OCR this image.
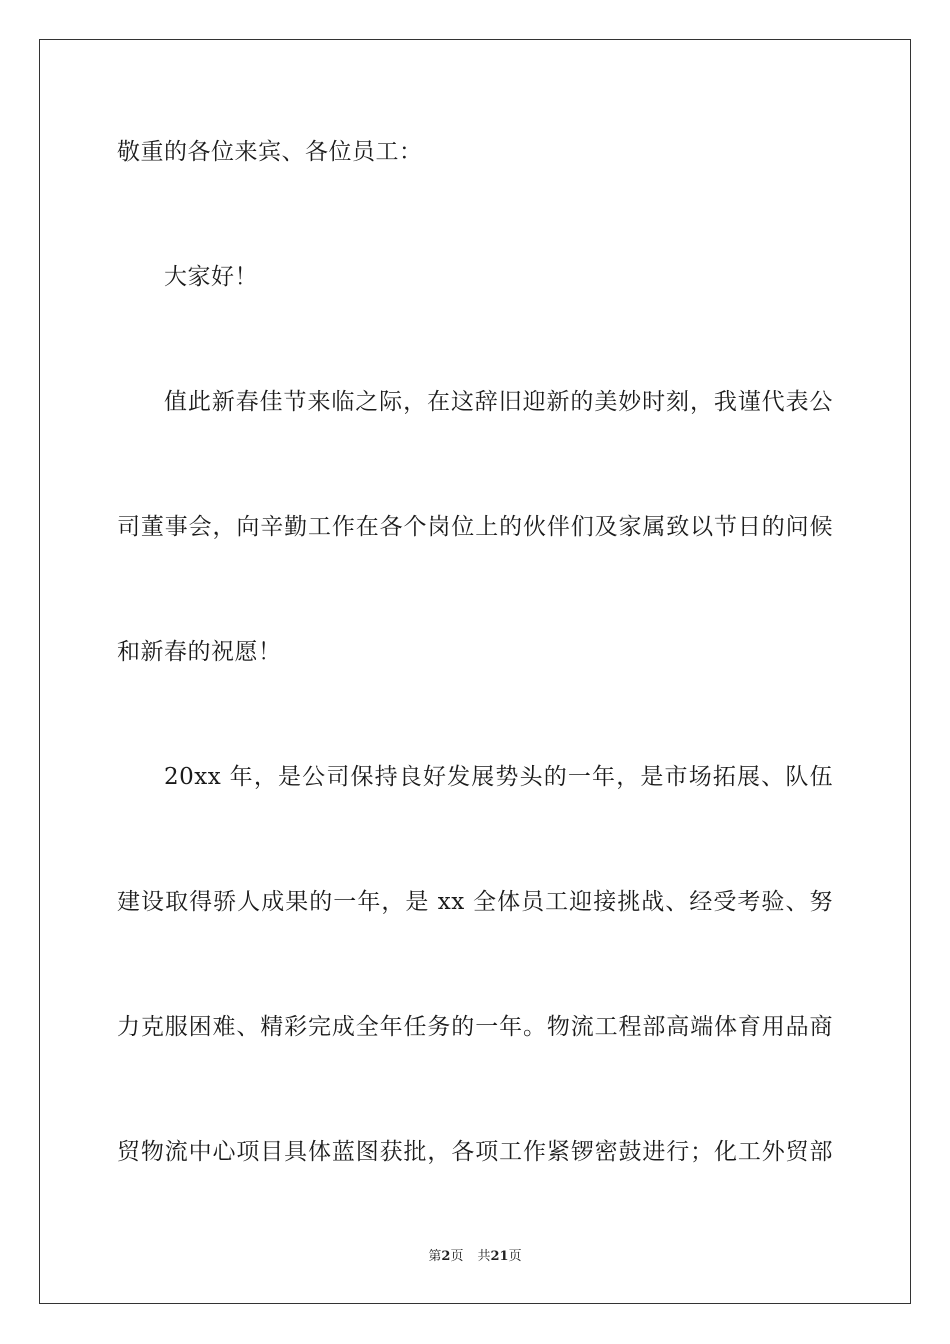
敬重的各位来宾、各位员工：
大家好！
值此新春佳节来临之际，在这辞旧迎新的美妙时刻，我谨代表公
司董事会，向辛勤工作在各个岗位上的伙伴们及家属致以节日的问候
和新春的祝愿！
20xx 年，是公司保持良好发展势头的一年，是市场拓展、队伍
建设取得骄人成果的一年，是 xx 全体员工迎接挑战、经受考验、努
力克服困难、精彩完成全年任务的一年。物流工程部高端体育用品商
贸物流中心项目具体蓝图获批，各项工作紧锣密鼓进行；化工外贸部
第2页 共21页
